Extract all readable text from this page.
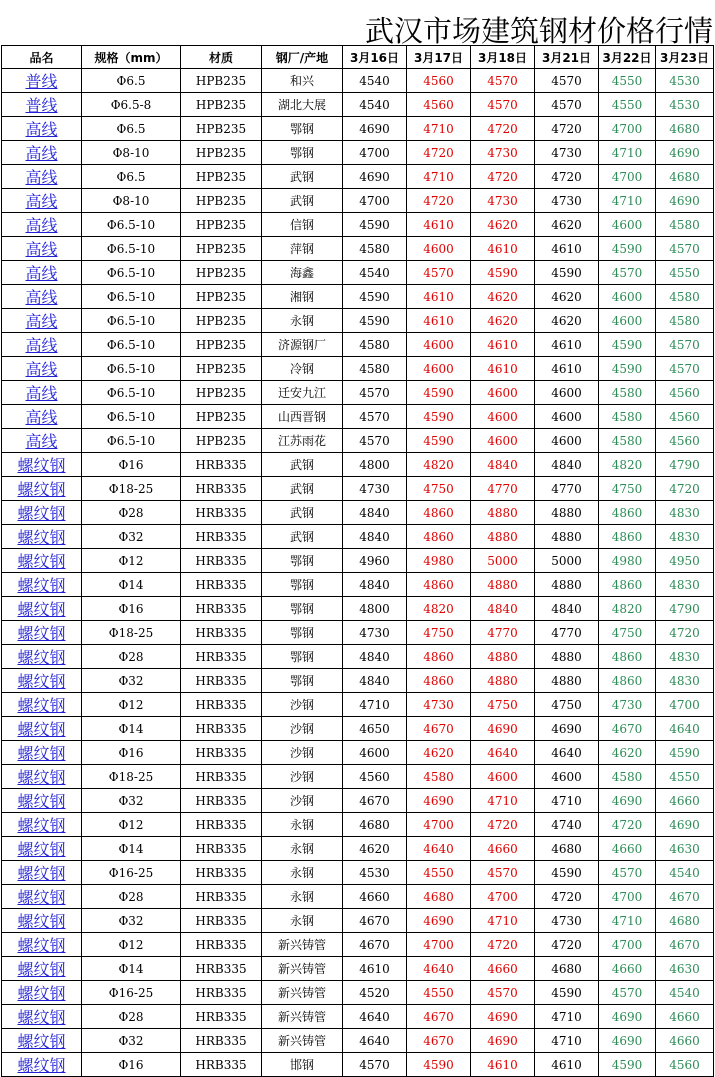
武汉市场建筑钢材价格行情
品名	规格（mm）	材质	钢厂/产地	3月16日	3月17日	3月18日	3月21日	3月22日	3月23日
普线	Φ6.5	HPB235	和兴	4540	4560	4570	4570	4550	4530
普线	Φ6.5-8	HPB235	湖北大展	4540	4560	4570	4570	4550	4530
高线	Φ6.5	HPB235	鄂钢	4690	4710	4720	4720	4700	4680
高线	Φ8-10	HPB235	鄂钢	4700	4720	4730	4730	4710	4690
高线	Φ6.5	HPB235	武钢	4690	4710	4720	4720	4700	4680
高线	Φ8-10	HPB235	武钢	4700	4720	4730	4730	4710	4690
高线	Φ6.5-10	HPB235	信钢	4590	4610	4620	4620	4600	4580
高线	Φ6.5-10	HPB235	萍钢	4580	4600	4610	4610	4590	4570
高线	Φ6.5-10	HPB235	海鑫	4540	4570	4590	4590	4570	4550
高线	Φ6.5-10	HPB235	湘钢	4590	4610	4620	4620	4600	4580
高线	Φ6.5-10	HPB235	永钢	4590	4610	4620	4620	4600	4580
高线	Φ6.5-10	HPB235	济源钢厂	4580	4600	4610	4610	4590	4570
高线	Φ6.5-10	HPB235	冷钢	4580	4600	4610	4610	4590	4570
高线	Φ6.5-10	HPB235	迁安九江	4570	4590	4600	4600	4580	4560
高线	Φ6.5-10	HPB235	山西晋钢	4570	4590	4600	4600	4580	4560
高线	Φ6.5-10	HPB235	江苏雨花	4570	4590	4600	4600	4580	4560
螺纹钢	Φ16	HRB335	武钢	4800	4820	4840	4840	4820	4790
螺纹钢	Φ18-25	HRB335	武钢	4730	4750	4770	4770	4750	4720
螺纹钢	Φ28	HRB335	武钢	4840	4860	4880	4880	4860	4830
螺纹钢	Φ32	HRB335	武钢	4840	4860	4880	4880	4860	4830
螺纹钢	Φ12	HRB335	鄂钢	4960	4980	5000	5000	4980	4950
螺纹钢	Φ14	HRB335	鄂钢	4840	4860	4880	4880	4860	4830
螺纹钢	Φ16	HRB335	鄂钢	4800	4820	4840	4840	4820	4790
螺纹钢	Φ18-25	HRB335	鄂钢	4730	4750	4770	4770	4750	4720
螺纹钢	Φ28	HRB335	鄂钢	4840	4860	4880	4880	4860	4830
螺纹钢	Φ32	HRB335	鄂钢	4840	4860	4880	4880	4860	4830
螺纹钢	Φ12	HRB335	沙钢	4710	4730	4750	4750	4730	4700
螺纹钢	Φ14	HRB335	沙钢	4650	4670	4690	4690	4670	4640
螺纹钢	Φ16	HRB335	沙钢	4600	4620	4640	4640	4620	4590
螺纹钢	Φ18-25	HRB335	沙钢	4560	4580	4600	4600	4580	4550
螺纹钢	Φ32	HRB335	沙钢	4670	4690	4710	4710	4690	4660
螺纹钢	Φ12	HRB335	永钢	4680	4700	4720	4740	4720	4690
螺纹钢	Φ14	HRB335	永钢	4620	4640	4660	4680	4660	4630
螺纹钢	Φ16-25	HRB335	永钢	4530	4550	4570	4590	4570	4540
螺纹钢	Φ28	HRB335	永钢	4660	4680	4700	4720	4700	4670
螺纹钢	Φ32	HRB335	永钢	4670	4690	4710	4730	4710	4680
螺纹钢	Φ12	HRB335	新兴铸管	4670	4700	4720	4720	4700	4670
螺纹钢	Φ14	HRB335	新兴铸管	4610	4640	4660	4680	4660	4630
螺纹钢	Φ16-25	HRB335	新兴铸管	4520	4550	4570	4590	4570	4540
螺纹钢	Φ28	HRB335	新兴铸管	4640	4670	4690	4710	4690	4660
螺纹钢	Φ32	HRB335	新兴铸管	4640	4670	4690	4710	4690	4660
螺纹钢	Φ16	HRB335	邯钢	4570	4590	4610	4610	4590	4560
